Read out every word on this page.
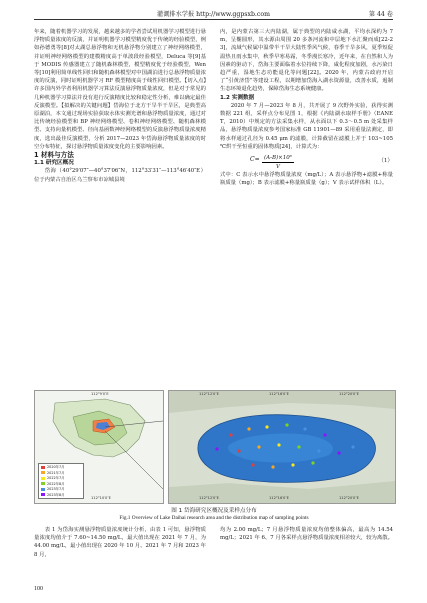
灌溉排水学报 http://www.ggpsxb.com	第 44 卷

年来，随着机器学习的发展，越来越多的学者尝试用机器学习模型进行悬浮物质量浓度的反演，并证明机器学习模型精度优于传统的经验模型，例如孙德勇等[8]对太湖总悬浮物和无机悬浮物分别建立了神经网络模型，并证明神经网络模型的建模精度高于单波段经验模型，Deluca 等[9]基于 MODIS 传感器建立了随机森林模型，模型精度优于经验模型，Wen 等[10]利用简单线性回归和随机森林模型对中国湖泊进行总悬浮物质量浓度的反演，同时证明机器学习 RF 模型精度高于线性回归模型。【切入点】许多国内外学者利用机器学习算法反演悬浮物质量浓度，但是对于常见的几种机器学习算法并没有进行反演精度比较和稳定性分析，难以确定最佳反演模型。【拟解决的关键问题】岱海位于北方干旱半干旱区，是典型高原湖泊，本文通过现场实验获取水体实测光谱和悬浮物质量浓度，通过对比传统经验模型和 BP 神经网络模型、卷积神经网络模型、随机森林模型、支持向量机模型、径向基函数神经网络模型的反演悬浮物质量浓度精度，选出最佳反演模型，分析 2017—2023 年岱海悬浮物质量浓度的时空分布特征，探讨悬浮物质量浓度变化的主要影响因素。

1 材料与方法

1.1 研究区概况

岱海（40°29′07″—40°37′06″N，112°33′31″—113°46′40″E）位于内蒙古自治区乌兰察布市凉城县境

内，是内蒙古第三大内陆湖，属于典型的内陆咸水湖，平均水深约为 7 m，呈椭圆形，其水源由周围 20 多条河流和中层地下水汇聚而成[22-23]，流域气候属中温带半干旱大陆性季风气候，春季干旱多风，夏季短促温热且雨水集中，秋季早寒易霜，冬季漫长寒冷，近年来，在自然和人为因素的驱动下，岱海主要面临着水位持续下降，咸化程度加剧，水污染日趋严重，湿地生态功能退化等问题[22]。2020 年，内蒙古政府开启了“引黄济岱”等建设工程，以期增加岱海入湖水资源量，改善水质，遏制生态环境退化趋势，保障岱海生态系统健康。

1.2 实测数据

2020 年 7 月—2023 年 8 月，共开展了 9 次野外实验，获得实测数据 221 组，采样点分布见图 1，根据《内陆湖水取样手册》（EANET，2010）中规定的方法采集水样，从水面以下 0.3～0.5 m 处采集样品，悬浮物质量浓度参考国家标准 GB 11901—89 采用重量法测定，即将水样通过孔径为 0.45 μm 的滤膜，计算截留在滤膜上并于 103~105 ℃烘干至恒重的固体物质[24]，计算式为：

$C= \frac{\text{(A-B)×10⁶}}{V}$	（1）

式中：C 表示水中悬浮物质量浓度（mg/L）；A 表示悬浮物+滤膜+称量瓶质量（mg）；B 表示滤膜+称量瓶质量（g）；V 表示试样体积（L）。

112°9′0″E
112°10′0″E
2020年7月
2021年7月
2022年7月
2022年8月
2023年7月
2023年8月
112°12′0″E	112°16′0″E	112°20′0″E
112°12′0″E	112°16′0″E	112°20′0″E
图 1 岱海研究区概况及采样点分布
Fig.1 Overview of Lake Daihai research area and the distribution map of sampling points

表 1 为岱海实测悬浮物质量浓度统计分析，由表 1 可知，悬浮物质量浓度均值介于 7.60~14.50 mg/L，最大值出现在 2021 年 7 月，为 44.00 mg/L，最小值出现在 2020 年 10 月、2021 年 7 月和 2023 年 8 月，

均为 2.00 mg/L；7 月悬浮物质量浓度均值整体偏高，最高为 14.54 mg/L；2021 年 6、7 月各采样点悬浮物质量浓度相差较大，较为离散。

100
